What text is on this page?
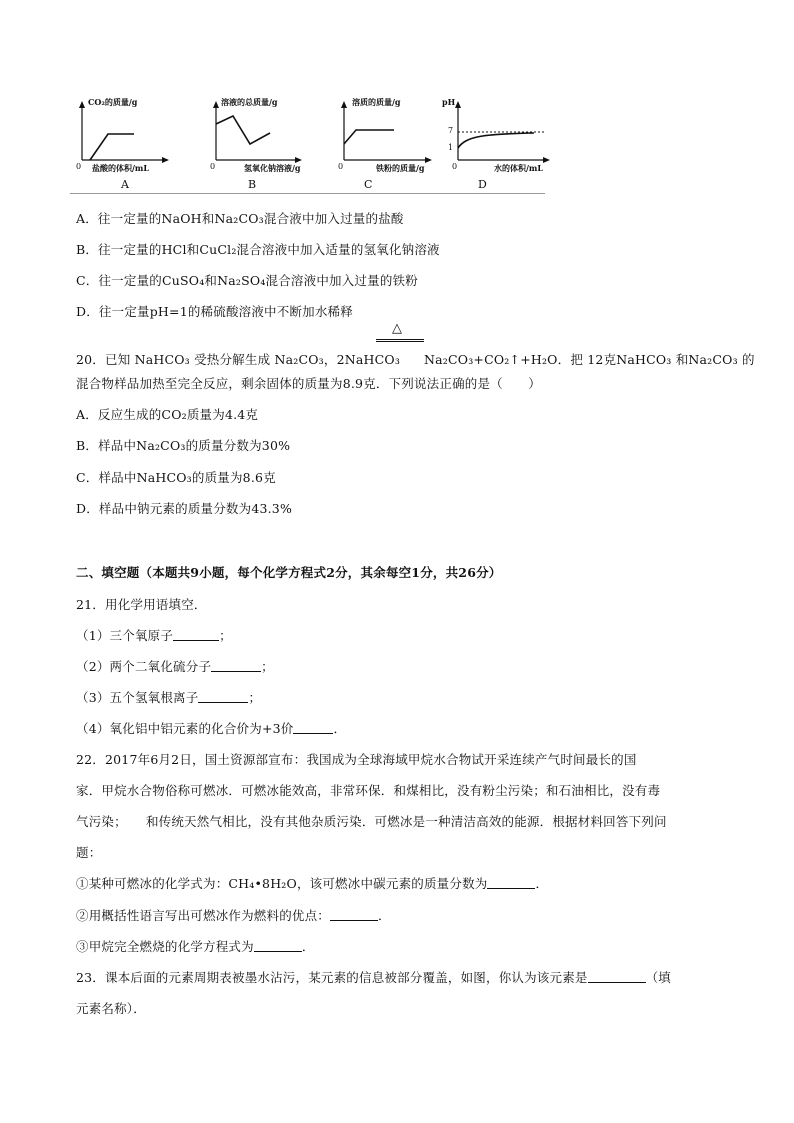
CO₂的质量/g
0 盐酸的体积/mL
A
溶液的总质量/g
0	氢氧化钠溶液/g
B
溶质的质量/g
0	铁粉的质量/g
C
pH
7
1
0	水的体积/mL
D
A．往一定量的NaOH和Na₂CO₃混合液中加入过量的盐酸
B．往一定量的HCl和CuCl₂混合溶液中加入适量的氢氧化钠溶液
C．往一定量的CuSO₄和Na₂SO₄混合溶液中加入过量的铁粉
D．往一定量pH=1的稀硫酸溶液中不断加水稀释
△
20．已知 NaHCO₃ 受热分解生成 Na₂CO₃，2NaHCO₃ Na₂CO₃+CO₂↑+H₂O．把 12克NaHCO₃ 和Na₂CO₃ 的
混合物样品加热至完全反应，剩余固体的质量为8.9克．下列说法正确的是（　　）
A．反应生成的CO₂质量为4.4克
B．样品中Na₂CO₃的质量分数为30%
C．样品中NaHCO₃的质量为8.6克
D．样品中钠元素的质量分数为43.3%
二、填空题（本题共9小题，每个化学方程式2分，其余每空1分，共26分）
21．用化学用语填空．
（1）三个氧原子	；
（2）两个二氧化硫分子	；
（3）五个氢氧根离子	；
（4）氧化铝中铝元素的化合价为+3价	．
22．2017年6月2日，国土资源部宣布：我国成为全球海域甲烷水合物试开采连续产气时间最长的国
家．甲烷水合物俗称可燃冰．可燃冰能效高，非常环保．和煤相比，没有粉尘污染；和石油相比，没有毒
气污染；　　和传统天然气相比，没有其他杂质污染．可燃冰是一种清洁高效的能源．根据材料回答下列问
题：
①某种可燃冰的化学式为：CH₄•8H₂O，该可燃冰中碳元素的质量分数为	．
②用概括性语言写出可燃冰作为燃料的优点：	．
③甲烷完全燃烧的化学方程式为	．
23．课本后面的元素周期表被墨水沾污，某元素的信息被部分覆盖，如图，你认为该元素是	（填
元素名称）．
